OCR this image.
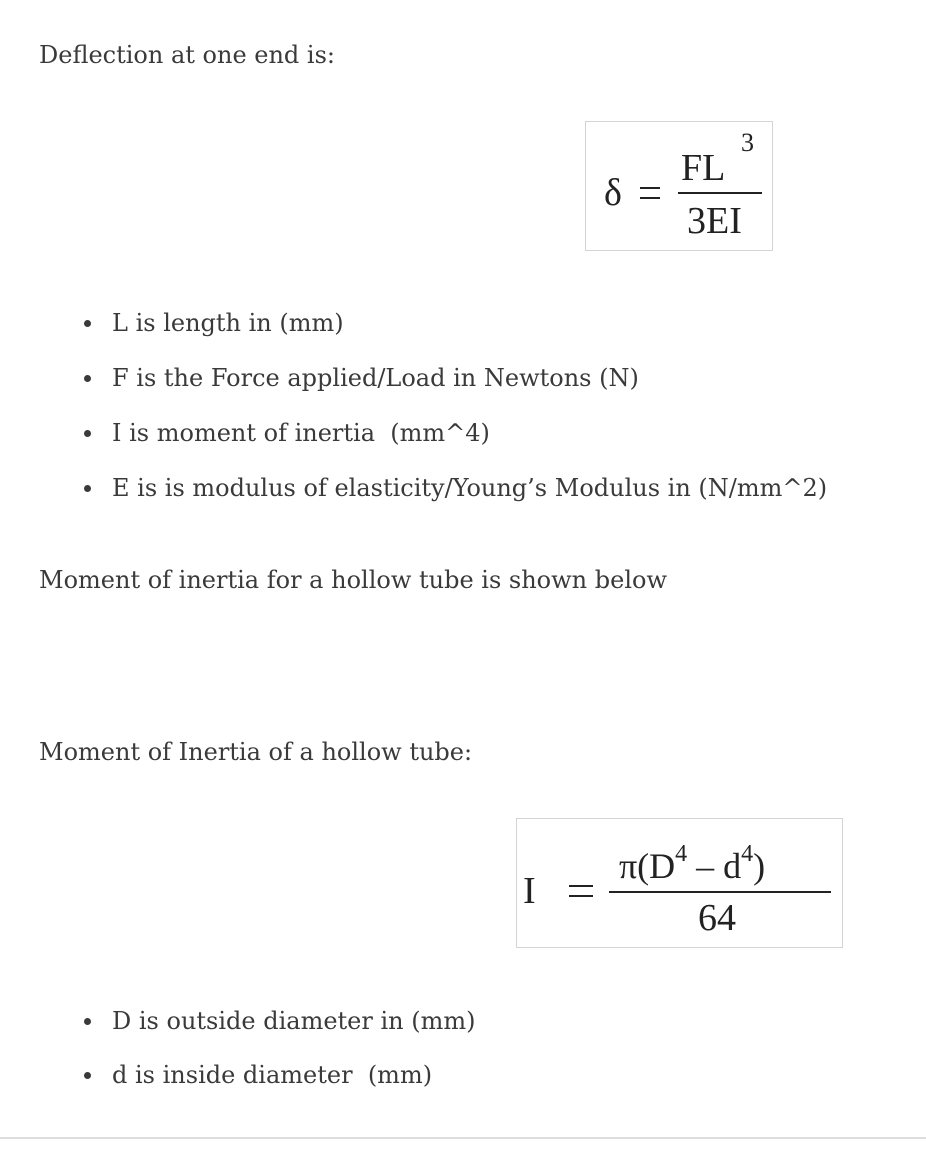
Deflection at one end is:

δ
FL
3
3EI
L is length in (mm)
F is the Force applied/Load in Newtons (N)
I is moment of inertia  (mm^4)
E is is modulus of elasticity/Young’s Modulus in (N/mm^2)

Moment of inertia for a hollow tube is shown below

Moment of Inertia of a hollow tube:

I
$\pi(D^4 - d^4)$
64
D is outside diameter in (mm)
d is inside diameter  (mm)
